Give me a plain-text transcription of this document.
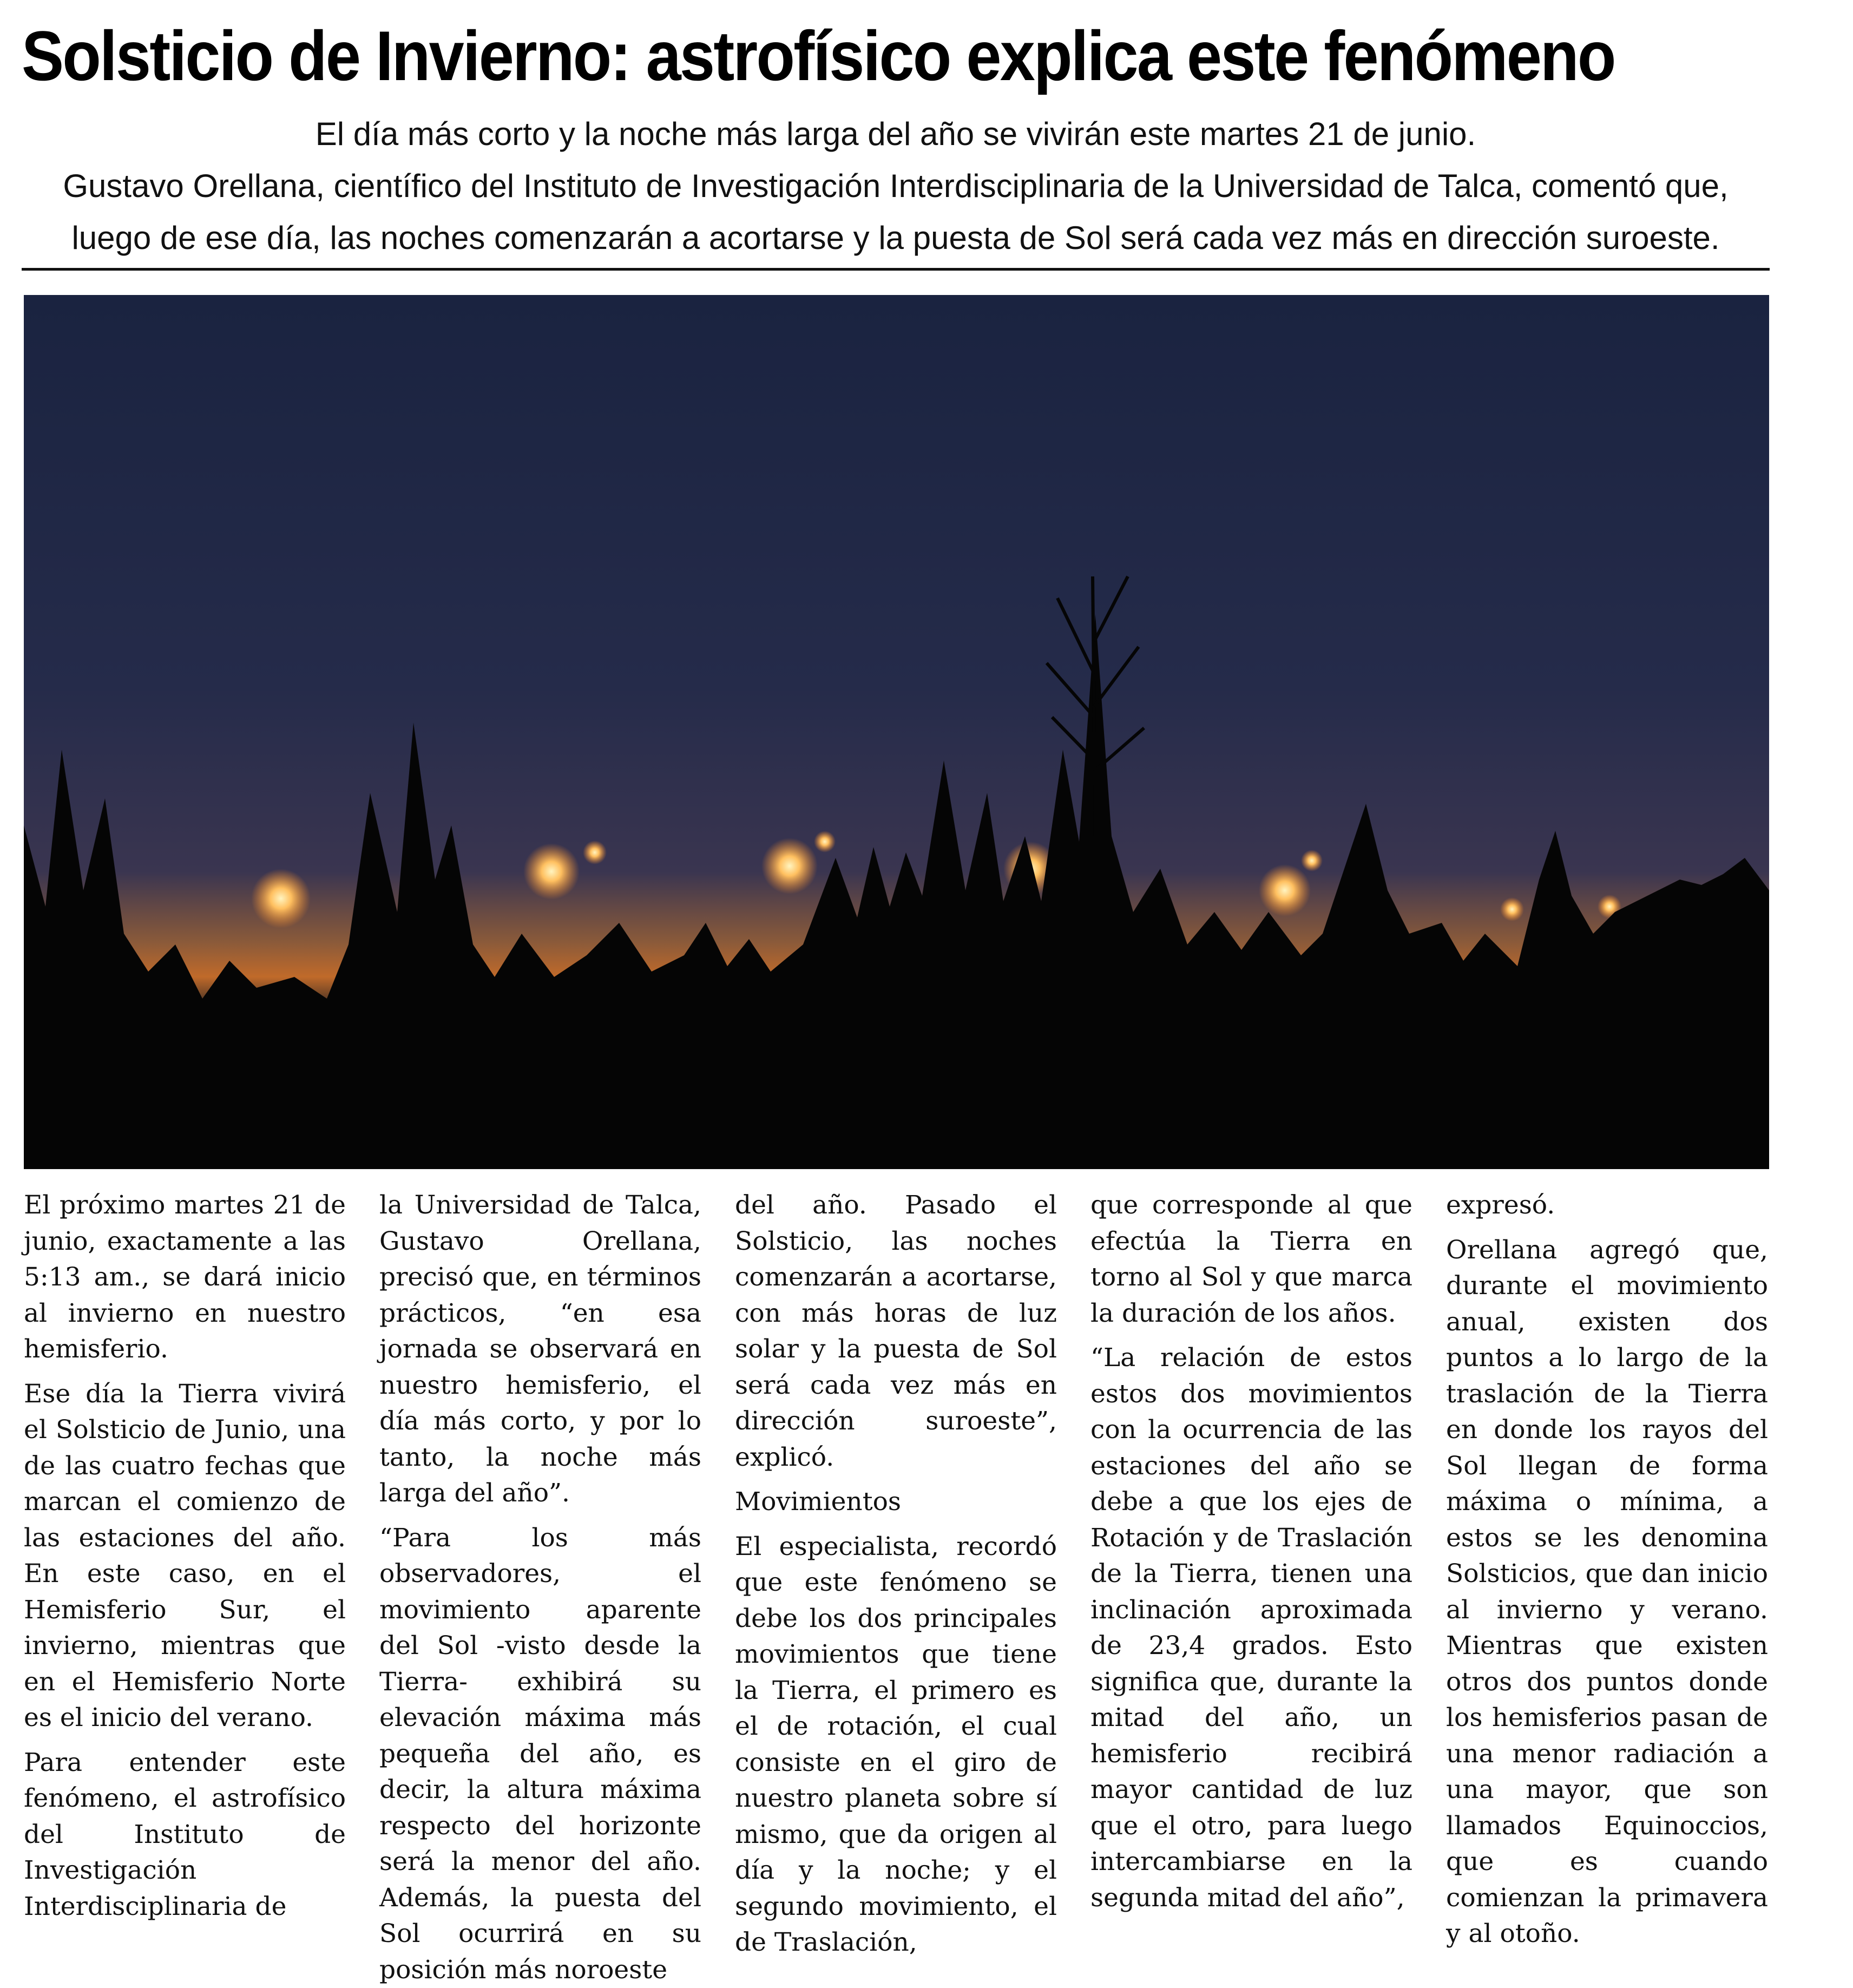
Solsticio de Invierno: astrofísico explica este fenómeno
El día más corto y la noche más larga del año se vivirán este martes 21 de junio.
Gustavo Orellana, científico del Instituto de Investigación Interdisciplinaria de la Universidad de Talca, comentó que,
luego de ese día, las noches comenzarán a acortarse y la puesta de Sol será cada vez más en dirección suroeste.

El próximo martes 21 de junio, exactamente a las 5:13 am., se dará inicio al invierno en nuestro hemisferio.

Ese día la Tierra vivirá el Solsticio de Junio, una de las cuatro fechas que marcan el comienzo de las estaciones del año. En este caso, en el Hemisferio Sur, el invierno, mientras que en el Hemisferio Norte es el inicio del verano.

Para entender este fenómeno, el astrofísico del Instituto de Investigación Interdisciplinaria de

la Universidad de Talca, Gustavo Orellana, precisó que, en términos prácticos, “en esa jornada se observará en nuestro hemisferio, el día más corto, y por lo tanto, la noche más larga del año”.

“Para los más observadores, el movimiento aparente del Sol -visto desde la Tierra- exhibirá su elevación máxima más pequeña del año, es decir, la altura máxima respecto del horizonte será la menor del año. Además, la puesta del Sol ocurrirá en su posición más noroeste

del año. Pasado el Solsticio, las noches comenzarán a acortarse, con más horas de luz solar y la puesta de Sol será cada vez más en dirección suroeste”, explicó.

Movimientos

El especialista, recordó que este fenómeno se debe los dos principales movimientos que tiene la Tierra, el primero es el de rotación, el cual consiste en el giro de nuestro planeta sobre sí mismo, que da origen al día y la noche; y el segundo movimiento, el de Traslación,

que corresponde al que efectúa la Tierra en torno al Sol y que marca la duración de los años.

“La relación de estos estos dos movimientos con la ocurrencia de las estaciones del año se debe a que los ejes de Rotación y de Traslación de la Tierra, tienen una inclinación aproximada de 23,4 grados. Esto significa que, durante la mitad del año, un hemisferio recibirá mayor cantidad de luz que el otro, para luego intercambiarse en la segunda mitad del año”,

expresó.

Orellana agregó que, durante el movimiento anual, existen dos puntos a lo largo de la traslación de la Tierra en donde los rayos del Sol llegan de forma máxima o mínima, a estos se les denomina Solsticios, que dan inicio al invierno y verano. Mientras que existen otros dos puntos donde los hemisferios pasan de una menor radiación a una mayor, que son llamados Equinoccios, que es cuando comienzan la primavera y al otoño.
